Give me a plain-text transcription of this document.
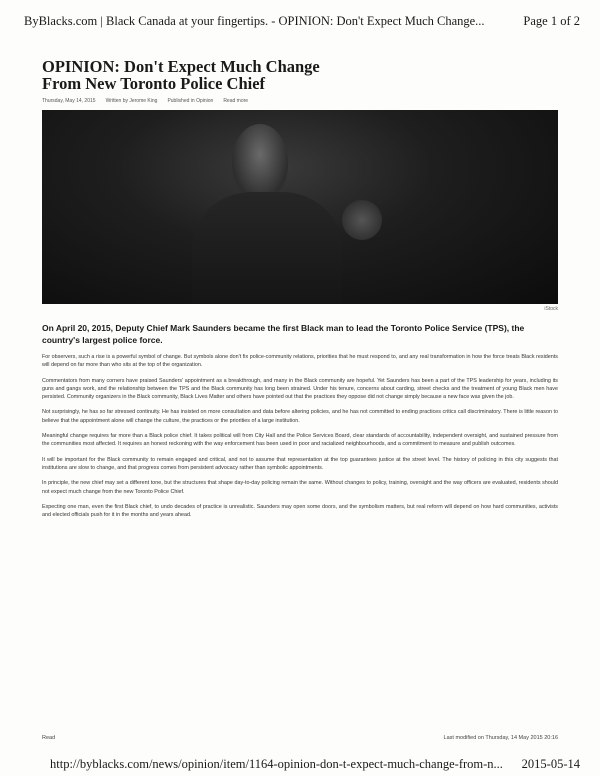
ByBlacks.com | Black Canada at your fingertips. - OPINION: Don't Expect Much Change...	Page 1 of 2
OPINION: Don't Expect Much Change
From New Toronto Police Chief
Thursday, May 14, 2015 Written by Jerome King Published in Opinion Read more
iStock
On April 20, 2015, Deputy Chief Mark Saunders became the first Black man to lead the Toronto Police Service (TPS), the country's largest police force.

For observers, such a rise is a powerful symbol of change. But symbols alone don't fix police-community relations, priorities that he must respond to, and any real transformation in how the force treats Black residents will depend on far more than who sits at the top of the organization.

Commentators from many corners have praised Saunders' appointment as a breakthrough, and many in the Black community are hopeful. Yet Saunders has been a part of the TPS leadership for years, including its guns and gangs work, and the relationship between the TPS and the Black community has long been strained. Under his tenure, concerns about carding, street checks and the treatment of young Black men have persisted. Community organizers in the Black community, Black Lives Matter and others have pointed out that the practices they oppose did not change simply because a new face was given the job.

Not surprisingly, he has so far stressed continuity. He has insisted on more consultation and data before altering policies, and he has not committed to ending practices critics call discriminatory. There is little reason to believe that the appointment alone will change the culture, the practices or the priorities of a large institution.

Meaningful change requires far more than a Black police chief. It takes political will from City Hall and the Police Services Board, clear standards of accountability, independent oversight, and sustained pressure from the communities most affected. It requires an honest reckoning with the way enforcement has been used in poor and racialized neighbourhoods, and a commitment to measure and publish outcomes.

It will be important for the Black community to remain engaged and critical, and not to assume that representation at the top guarantees justice at the street level. The history of policing in this city suggests that institutions are slow to change, and that progress comes from persistent advocacy rather than symbolic appointments.

In principle, the new chief may set a different tone, but the structures that shape day-to-day policing remain the same. Without changes to policy, training, oversight and the way officers are evaluated, residents should not expect much change from the new Toronto Police Chief.

Expecting one man, even the first Black chief, to undo decades of practice is unrealistic. Saunders may open some doors, and the symbolism matters, but real reform will depend on how hard communities, activists and elected officials push for it in the months and years ahead.

Read	Last modified on Thursday, 14 May 2015 20:16
http://byblacks.com/news/opinion/item/1164-opinion-don-t-expect-much-change-from-n... 2015-05-14
